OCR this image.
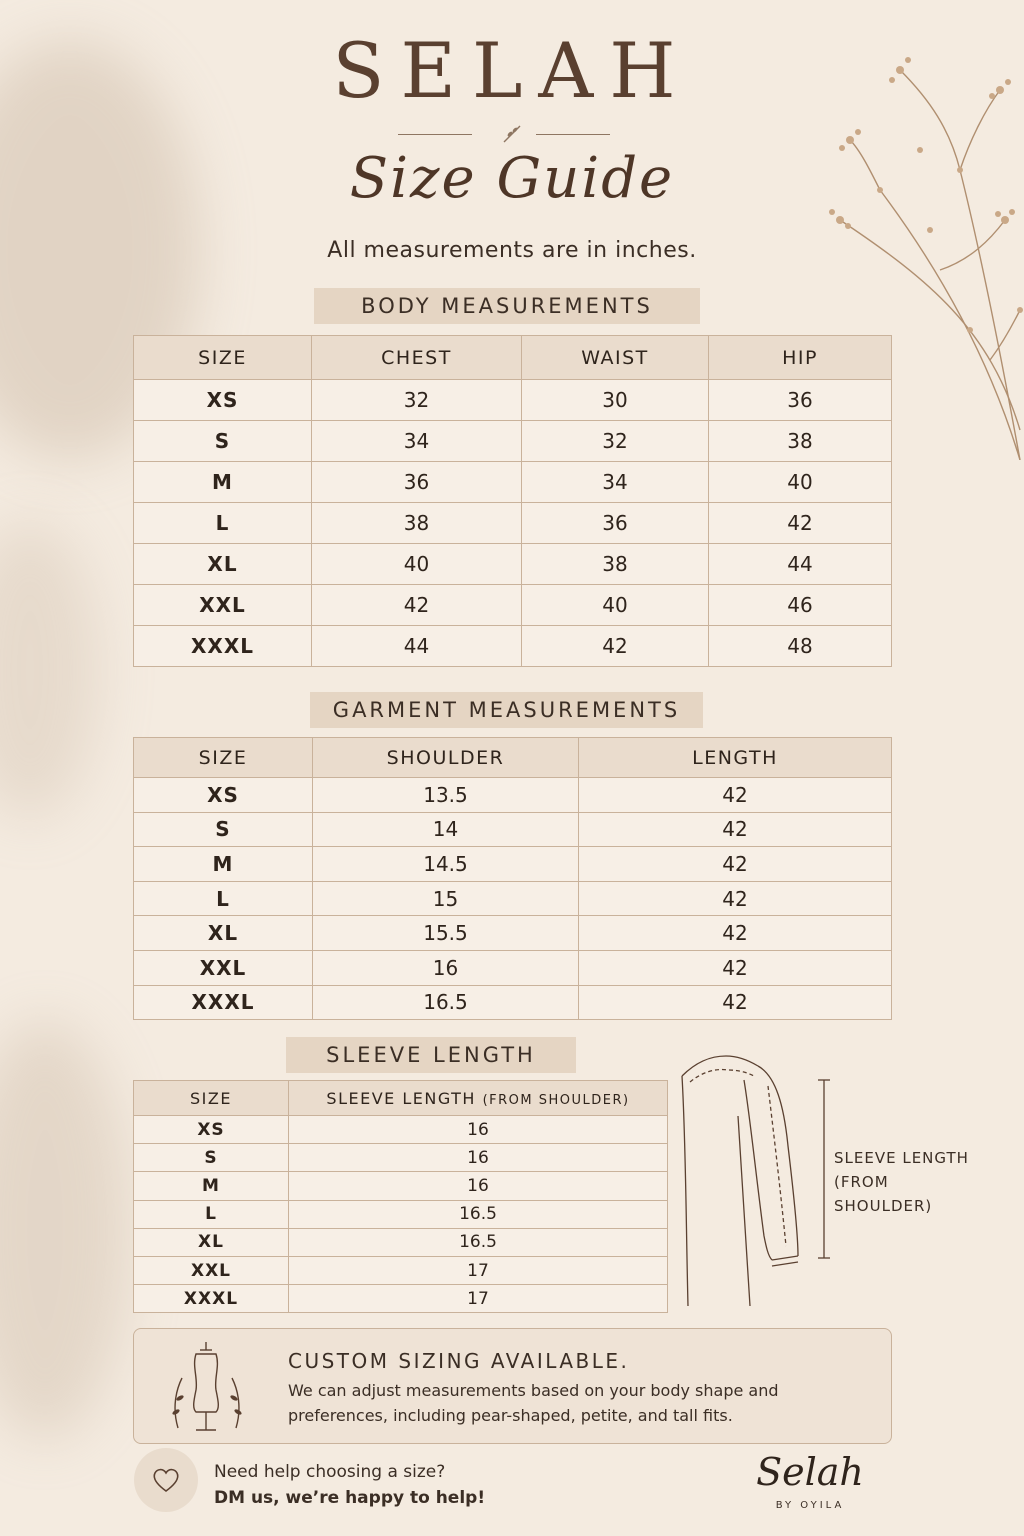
SELAH
Size Guide
All measurements are in inches.
BODY MEASUREMENTS
SIZE	CHEST	WAIST	HIP
XS	32	30	36
S	34	32	38
M	36	34	40
L	38	36	42
XL	40	38	44
XXL	42	40	46
XXXL	44	42	48
GARMENT MEASUREMENTS
SIZE	SHOULDER	LENGTH
XS	13.5	42
S	14	42
M	14.5	42
L	15	42
XL	15.5	42
XXL	16	42
XXXL	16.5	42
SLEEVE LENGTH
SIZE	SLEEVE LENGTH (FROM SHOULDER)
XS	16
S	16
M	16
L	16.5
XL	16.5
XXL	17
XXXL	17
SLEEVE LENGTH
(FROM
SHOULDER)
CUSTOM SIZING AVAILABLE.
We can adjust measurements based on your body shape and preferences, including pear-shaped, petite, and tall fits.
Need help choosing a size?
DM us, we’re happy to help!
Selah
BY OYILA
